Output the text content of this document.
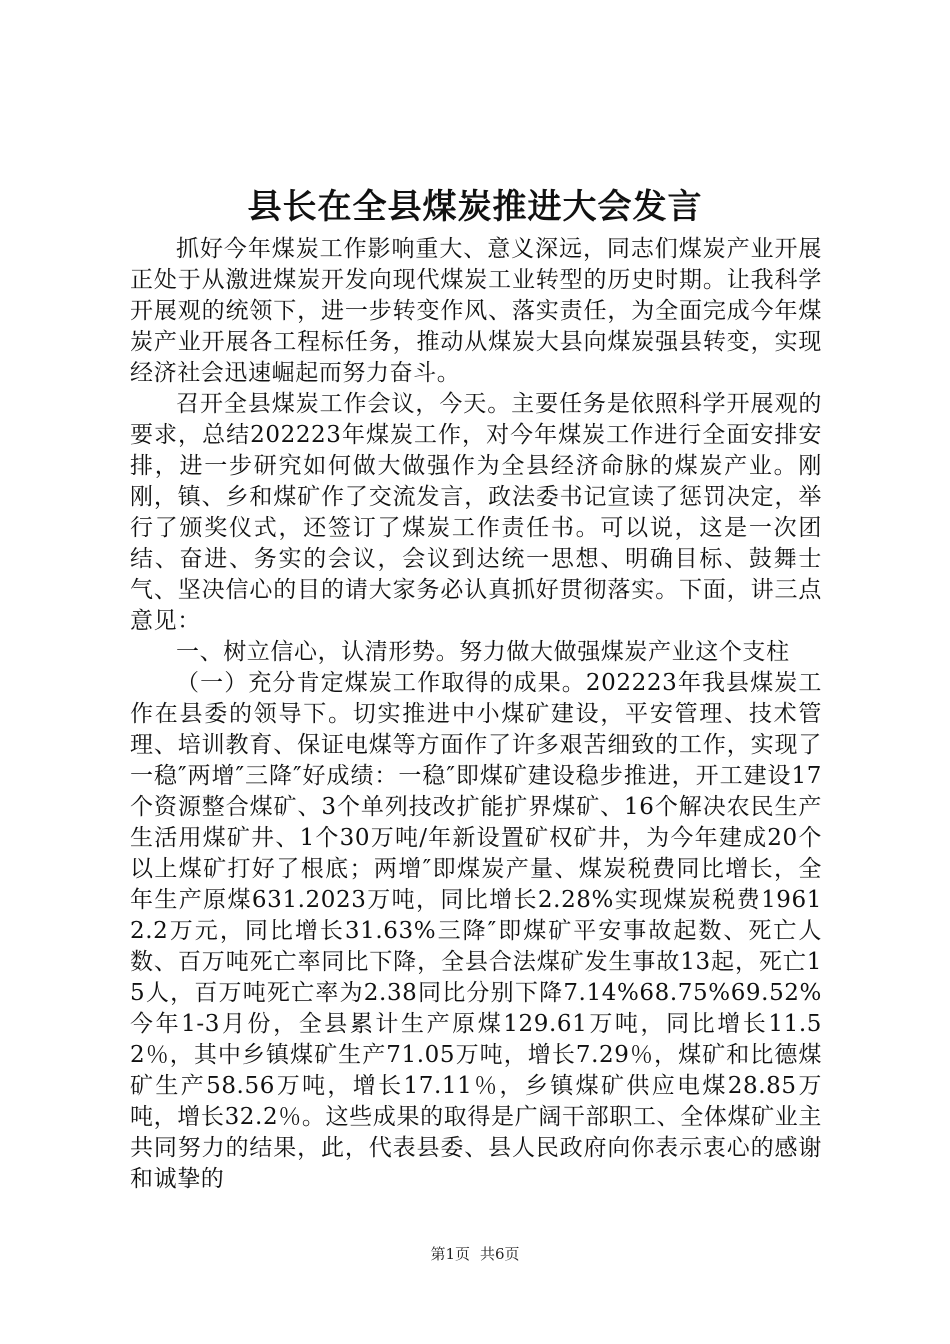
县长在全县煤炭推进大会发言

抓好今年煤炭工作影响重大、意义深远，同志们煤炭产业开展正处于从激进煤炭开发向现代煤炭工业转型的历史时期。让我科学开展观的统领下，进一步转变作风、落实责任，为全面完成今年煤炭产业开展各工程标任务，推动从煤炭大县向煤炭强县转变，实现经济社会迅速崛起而努力奋斗。

召开全县煤炭工作会议，今天。主要任务是依照科学开展观的要求，总结202223年煤炭工作，对今年煤炭工作进行全面安排安排，进一步研究如何做大做强作为全县经济命脉的煤炭产业。刚刚，镇、乡和煤矿作了交流发言，政法委书记宣读了惩罚决定，举行了颁奖仪式，还签订了煤炭工作责任书。可以说，这是一次团结、奋进、务实的会议，会议到达统一思想、明确目标、鼓舞士气、坚决信心的目的请大家务必认真抓好贯彻落实。下面，讲三点意见：

一、树立信心，认清形势。努力做大做强煤炭产业这个支柱

（一）充分肯定煤炭工作取得的成果。202223年我县煤炭工作在县委的领导下。切实推进中小煤矿建设，平安管理、技术管理、培训教育、保证电煤等方面作了许多艰苦细致的工作，实现了一稳″两增″三降″好成绩：一稳″即煤矿建设稳步推进，开工建设17个资源整合煤矿、3个单列技改扩能扩界煤矿、16个解决农民生产生活用煤矿井、1个30万吨/年新设置矿权矿井，为今年建成20个以上煤矿打好了根底；两增″即煤炭产量、煤炭税费同比增长，全年生产原煤631.2023万吨，同比增长2.28%实现煤炭税费19612.2万元，同比增长31.63%三降″即煤矿平安事故起数、死亡人数、百万吨死亡率同比下降，全县合法煤矿发生事故13起，死亡15人，百万吨死亡率为2.38同比分别下降7.14%68.75%69.52%今年1-3月份，全县累计生产原煤129.61万吨，同比增长11.52％，其中乡镇煤矿生产71.05万吨，增长7.29％，煤矿和比德煤矿生产58.56万吨，增长17.11％，乡镇煤矿供应电煤28.85万吨，增长32.2％。这些成果的取得是广阔干部职工、全体煤矿业主共同努力的结果，此，代表县委、县人民政府向你表示衷心的感谢和诚挚的

第1页 共6页
